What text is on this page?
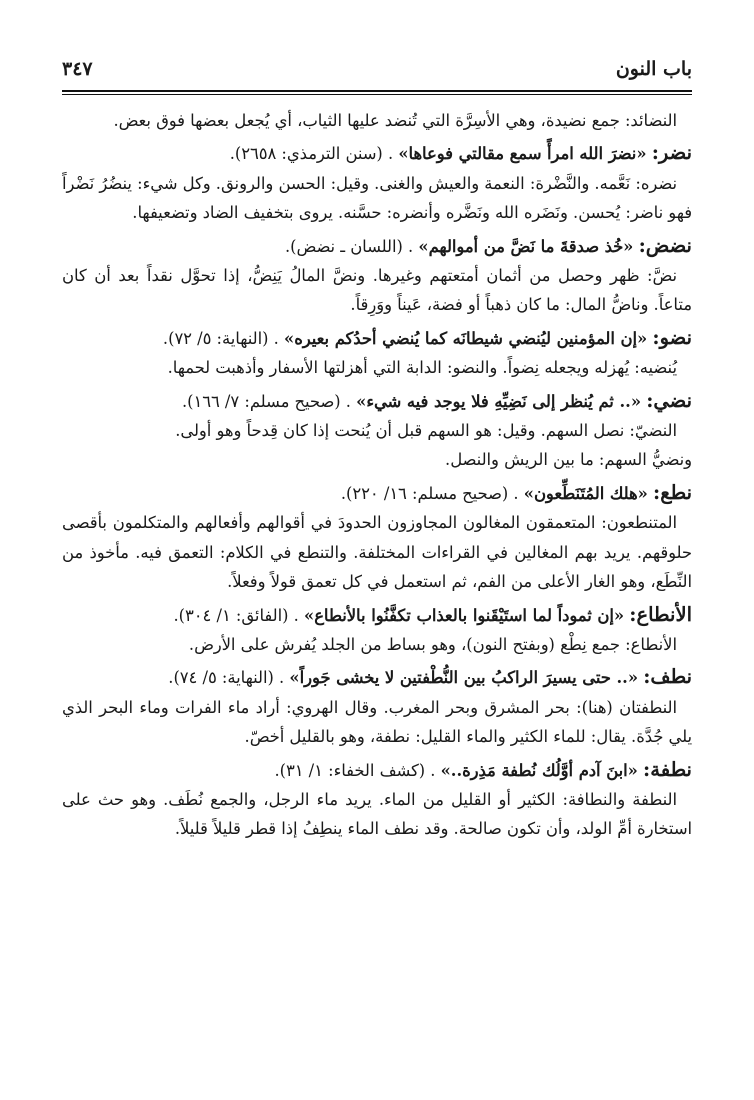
باب النون
٣٤٧

النضائد: جمع نضيدة، وهي الأسِرَّة التي تُنضد عليها الثياب، أي يُجعل بعضها فوق بعض.

نضر: «نضرَ الله امرأً سمع مقالتي فوعاها» . (سنن الترمذي: ٢٦٥٨).

نضره: نَعَّمه. والنَّضْرة: النعمة والعيش والغنى. وقيل: الحسن والرونق. وكل شيء: ينضُرُ نَضْراً فهو ناضر: يُحسن. ونَضَره الله ونَضَّره وأنضره: حسَّنه. يروى بتخفيف الضاد وتضعيفها.

نضض: «خُذ صدقةَ ما نَضَّ من أموالهم» . (اللسان ـ نضض).

نضَّ: ظهر وحصل من أثمان أمتعتهم وغيرها. ونضَّ المالُ يَنِضُّ، إذا تحوَّل نقداً بعد أن كان متاعاً. وناضُّ المال: ما كان ذهباً أو فضة، عَيناً ووَرِقاً.

نضو: «إن المؤمنين ليُنضي شيطانَه كما يُنضي أحدُكم بعيره» . (النهاية: ٥/ ٧٢).

يُنضيه: يُهزله ويجعله نِضواً. والنضو: الدابة التي أهزلتها الأسفار وأذهبت لحمها.

نضي: «.. ثم يُنظر إلى نَضِيِّهِ فلا يوجد فيه شيء» . (صحيح مسلم: ٧/ ١٦٦).

النضيّ: نصل السهم. وقيل: هو السهم قبل أن يُنحت إذا كان قِدحاً وهو أولى.

ونضيُّ السهم: ما بين الريش والنصل.

نطع: «هلك المُتَنَطِّعون» . (صحيح مسلم: ١٦/ ٢٢٠).

المتنطعون: المتعمقون المغالون المجاوزون الحدودَ في أقوالهم وأفعالهم والمتكلمون بأقصى حلوقهم. يريد بهم المغالين في القراءات المختلفة. والتنطع في الكلام: التعمق فيه. مأخوذ من النِّطَع، وهو الغار الأعلى من الفم، ثم استعمل في كل تعمق قولاً وفعلاً.

الأنطاع: «إن ثموداً لما استَيْقَنوا بالعذاب تكفَّنُوا بالأنطاع» . (الفائق: ١/ ٣٠٤).

الأنطاع: جمع نِطْع (وبفتح النون)، وهو بساط من الجلد يُفرش على الأرض.

نطف: «.. حتى يسيرَ الراكبُ بين النُّطْفتين لا يخشى جَوراً» . (النهاية: ٥/ ٧٤).

النطفتان (هنا): بحر المشرق وبحر المغرب. وقال الهروي: أراد ماء الفرات وماء البحر الذي يلي جُدَّة. يقال: للماء الكثير والماء القليل: نطفة، وهو بالقليل أخصّ.

نطفة: «ابنَ آدم أوَّلُك نُطفة مَذِرة..» . (كشف الخفاء: ١/ ٣١).

النطفة والنطافة: الكثير أو القليل من الماء. يريد ماء الرجل، والجمع نُطَف. وهو حث على استخارة أمِّ الولد، وأن تكون صالحة. وقد نطف الماء ينطِفُ إذا قطر قليلاً قليلاً.
